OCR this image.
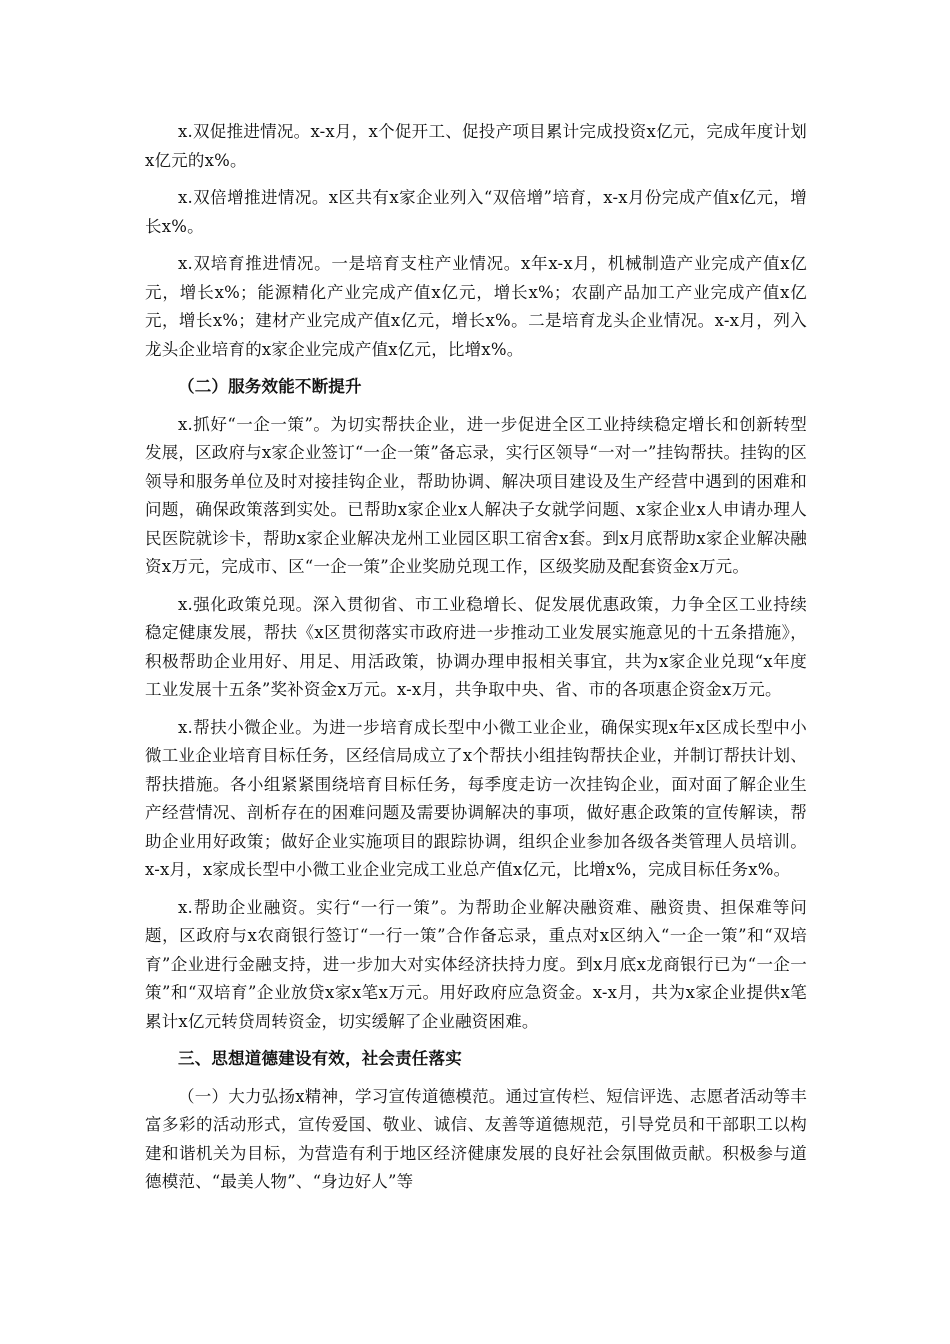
x.双促推进情况。x-x月，x个促开工、促投产项目累计完成投资x亿元，完成年度计划x亿元的x%。

x.双倍增推进情况。x区共有x家企业列入“双倍增”培育，x-x月份完成产值x亿元，增长x%。

x.双培育推进情况。一是培育支柱产业情况。x年x-x月，机械制造产业完成产值x亿元，增长x%；能源精化产业完成产值x亿元，增长x%；农副产品加工产业完成产值x亿元，增长x%；建材产业完成产值x亿元，增长x%。二是培育龙头企业情况。x-x月，列入龙头企业培育的x家企业完成产值x亿元，比增x%。

（二）服务效能不断提升

x.抓好“一企一策”。为切实帮扶企业，进一步促进全区工业持续稳定增长和创新转型发展，区政府与x家企业签订“一企一策”备忘录，实行区领导“一对一”挂钩帮扶。挂钩的区领导和服务单位及时对接挂钩企业，帮助协调、解决项目建设及生产经营中遇到的困难和问题，确保政策落到实处。已帮助x家企业x人解决子女就学问题、x家企业x人申请办理人民医院就诊卡，帮助x家企业解决龙州工业园区职工宿舍x套。到x月底帮助x家企业解决融资x万元，完成市、区“一企一策”企业奖励兑现工作，区级奖励及配套资金x万元。

x.强化政策兑现。深入贯彻省、市工业稳增长、促发展优惠政策，力争全区工业持续稳定健康发展，帮扶《x区贯彻落实市政府进一步推动工业发展实施意见的十五条措施》，积极帮助企业用好、用足、用活政策，协调办理申报相关事宜，共为x家企业兑现“x年度工业发展十五条”奖补资金x万元。x-x月，共争取中央、省、市的各项惠企资金x万元。

x.帮扶小微企业。为进一步培育成长型中小微工业企业，确保实现x年x区成长型中小微工业企业培育目标任务，区经信局成立了x个帮扶小组挂钩帮扶企业，并制订帮扶计划、帮扶措施。各小组紧紧围绕培育目标任务，每季度走访一次挂钩企业，面对面了解企业生产经营情况、剖析存在的困难问题及需要协调解决的事项，做好惠企政策的宣传解读，帮助企业用好政策；做好企业实施项目的跟踪协调，组织企业参加各级各类管理人员培训。x-x月，x家成长型中小微工业企业完成工业总产值x亿元，比增x%，完成目标任务x%。

x.帮助企业融资。实行“一行一策”。为帮助企业解决融资难、融资贵、担保难等问题，区政府与x农商银行签订“一行一策”合作备忘录，重点对x区纳入“一企一策”和“双培育”企业进行金融支持，进一步加大对实体经济扶持力度。到x月底x龙商银行已为“一企一策”和“双培育”企业放贷x家x笔x万元。用好政府应急资金。x-x月，共为x家企业提供x笔累计x亿元转贷周转资金，切实缓解了企业融资困难。

三、思想道德建设有效，社会责任落实

（一）大力弘扬x精神，学习宣传道德模范。通过宣传栏、短信评选、志愿者活动等丰富多彩的活动形式，宣传爱国、敬业、诚信、友善等道德规范，引导党员和干部职工以构建和谐机关为目标，为营造有利于地区经济健康发展的良好社会氛围做贡献。积极参与道德模范、“最美人物”、“身边好人”等
